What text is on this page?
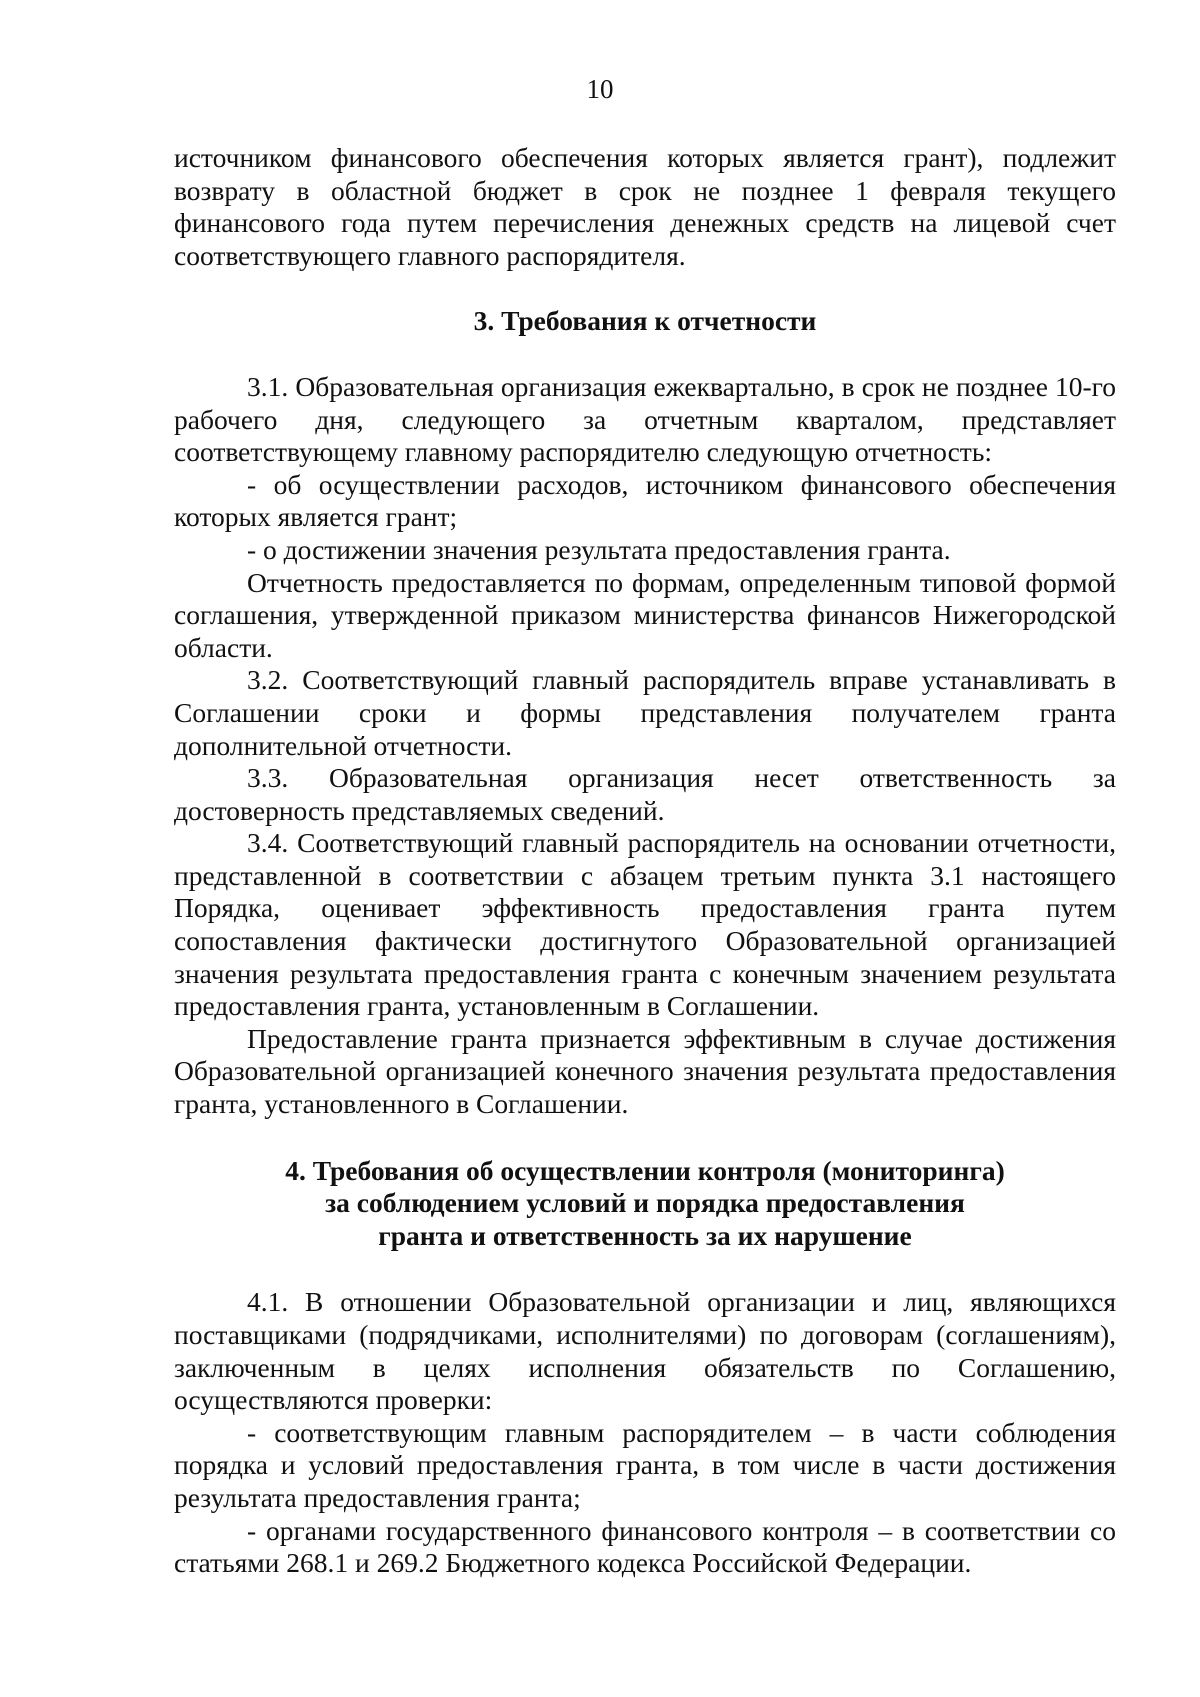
10

источником финансового обеспечения которых является грант), подлежит возврату в областной бюджет в срок не позднее 1 февраля текущего финансового года путем перечисления денежных средств на лицевой счет соответствующего главного распорядителя.

3. Требования к отчетности

3.1. Образовательная организация ежеквартально, в срок не позднее 10-го рабочего дня, следующего за отчетным кварталом, представляет соответствующему главному распорядителю следующую отчетность:

- об осуществлении расходов, источником финансового обеспечения которых является грант;

- о достижении значения результата предоставления гранта.

Отчетность предоставляется по формам, определенным типовой формой соглашения, утвержденной приказом министерства финансов Нижегородской области.

3.2. Соответствующий главный распорядитель вправе устанавливать в Соглашении сроки и формы представления получателем гранта дополнительной отчетности.

3.3. Образовательная организация несет ответственность за достоверность представляемых сведений.

3.4. Соответствующий главный распорядитель на основании отчетности, представленной в соответствии с абзацем третьим пункта 3.1 настоящего Порядка, оценивает эффективность предоставления гранта путем сопоставления фактически достигнутого Образовательной организацией значения результата предоставления гранта с конечным значением результата предоставления гранта, установленным в Соглашении.

Предоставление гранта признается эффективным в случае достижения Образовательной организацией конечного значения результата предоставления гранта, установленного в Соглашении.

4. Требования об осуществлении контроля (мониторинга)
за соблюдением условий и порядка предоставления
гранта и ответственность за их нарушение

4.1. В отношении Образовательной организации и лиц, являющихся поставщиками (подрядчиками, исполнителями) по договорам (соглашениям), заключенным в целях исполнения обязательств по Соглашению, осуществляются проверки:

- соответствующим главным распорядителем – в части соблюдения порядка и условий предоставления гранта, в том числе в части достижения результата предоставления гранта;

- органами государственного финансового контроля – в соответствии со статьями 268.1 и 269.2 Бюджетного кодекса Российской Федерации.
